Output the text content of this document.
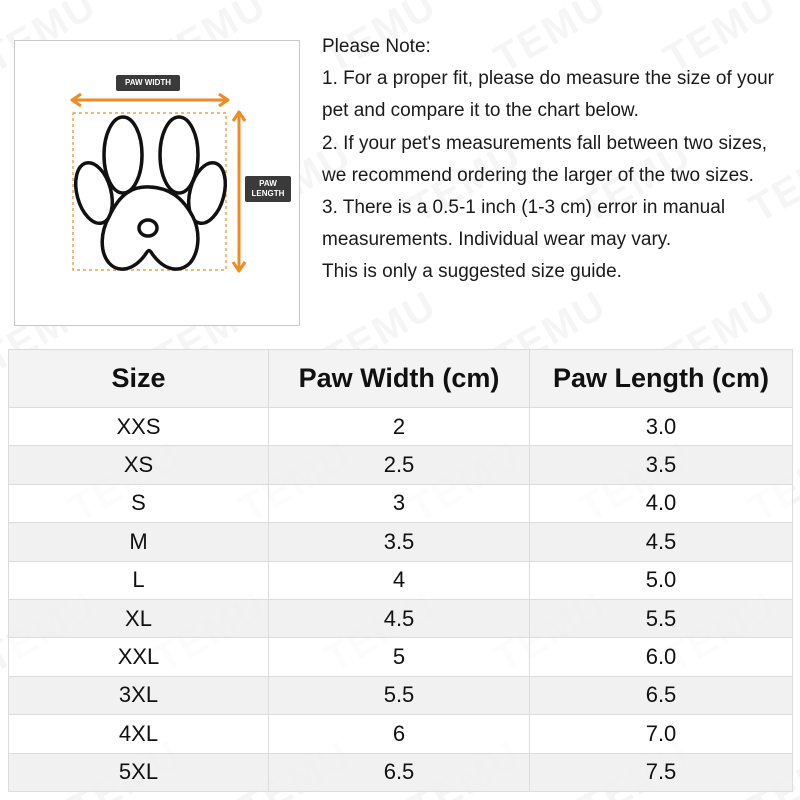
PAW WIDTH
PAW
LENGTH
Please Note:
1. For a proper fit, please do measure the size of your pet and compare it to the chart below.
2. If your pet's measurements fall between two sizes, we recommend ordering the larger of the two sizes.
3. There is a 0.5-1 inch (1-3 cm) error in manual measurements. Individual wear may vary.
This is only a suggested size guide.
Size	Paw Width (cm)	Paw Length (cm)
XXS	2	3.0
XS	2.5	3.5
S	3	4.0
M	3.5	4.5
L	4	5.0
XL	4.5	5.5
XXL	5	6.0
3XL	5.5	6.5
4XL	6	7.0
5XL	6.5	7.5
